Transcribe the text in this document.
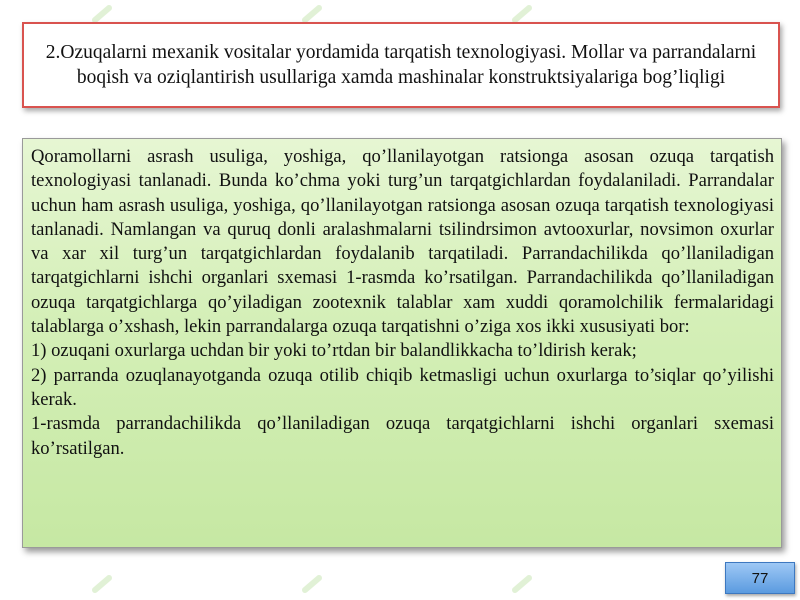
2.Ozuqalarni mexanik vositalar yordamida tarqatish texnologiyasi. Mollar va parrandalarni boqish va oziqlantirish usullariga xamda mashinalar konstruktsiyalariga bog’liqligi

Qoramollarni asrash usuliga, yoshiga, qo’llanilayotgan ratsionga asosan ozuqa tarqatish texnologiyasi tanlanadi. Bunda ko’chma yoki turg’un tarqatgichlardan foydalaniladi. Parrandalar uchun ham asrash usuliga, yoshiga, qo’llanilayotgan ratsionga asosan ozuqa tarqatish texnologiyasi tanlanadi. Namlangan va quruq donli aralashmalarni tsilindrsimon avtooxurlar, novsimon oxurlar va xar xil turg’un tarqatgichlardan foydalanib tarqatiladi. Parrandachilikda qo’llaniladigan tarqatgichlarni ishchi organlari sxemasi 1-rasmda ko’rsatilgan. Parrandachilikda qo’llaniladigan ozuqa tarqatgichlarga qo’yiladigan zootexnik talablar xam xuddi qoramolchilik fermalaridagi talablarga o’xshash, lekin parrandalarga ozuqa tarqatishni o’ziga xos ikki xususiyati bor:

1) ozuqani oxurlarga uchdan bir yoki to’rtdan bir balandlikkacha to’ldirish kerak;

2) parranda ozuqlanayotganda ozuqa otilib chiqib ketmasligi uchun oxurlarga to’siqlar qo’yilishi kerak.

1-rasmda parrandachilikda qo’llaniladigan ozuqa tarqatgichlarni ishchi organlari sxemasi ko’rsatilgan.

77
